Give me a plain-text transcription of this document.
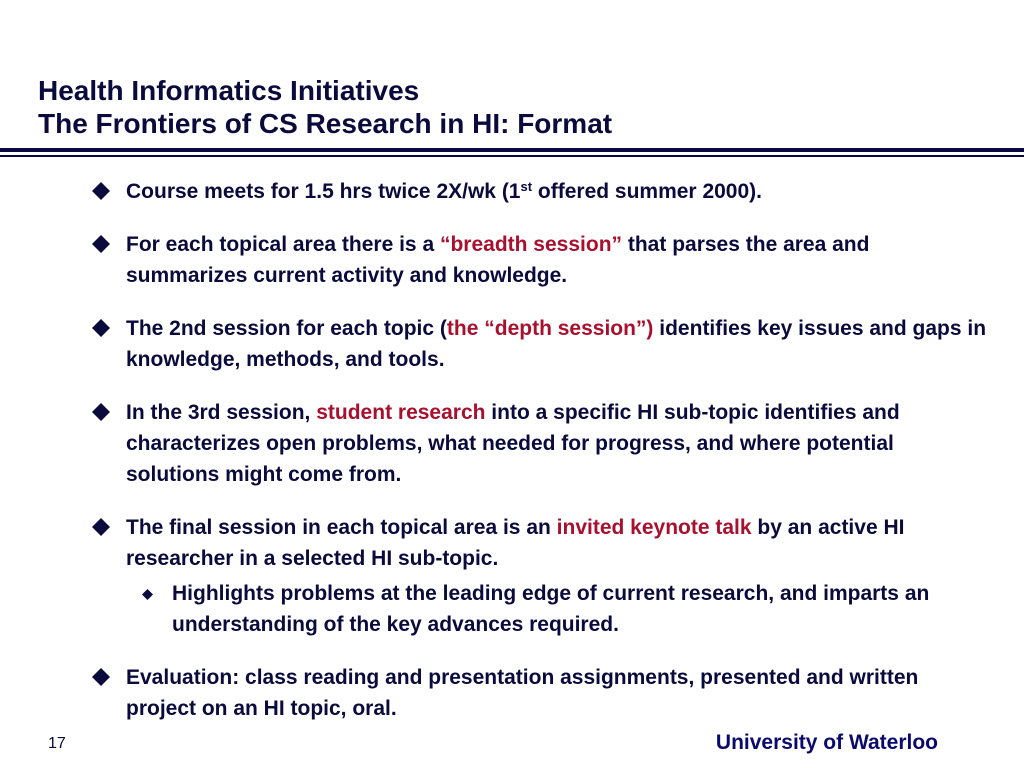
Health Informatics Initiatives
The Frontiers of CS Research in HI: Format
Course meets for 1.5 hrs twice 2X/wk (1st offered summer 2000).
For each topical area there is a “breadth session” that parses the area and summarizes current activity and knowledge.
The 2nd session for each topic (the “depth session”) identifies key issues and gaps in knowledge, methods, and tools.
In the 3rd session, student research into a specific HI sub-topic identifies and characterizes open problems, what needed for progress, and where potential solutions might come from.
The final session in each topical area is an invited keynote talk by an active HI researcher in a selected HI sub-topic.
Highlights problems at the leading edge of current research, and imparts an understanding of the key advances required.
Evaluation: class reading and presentation assignments, presented and written project on an HI topic, oral.
17	University of Waterloo
